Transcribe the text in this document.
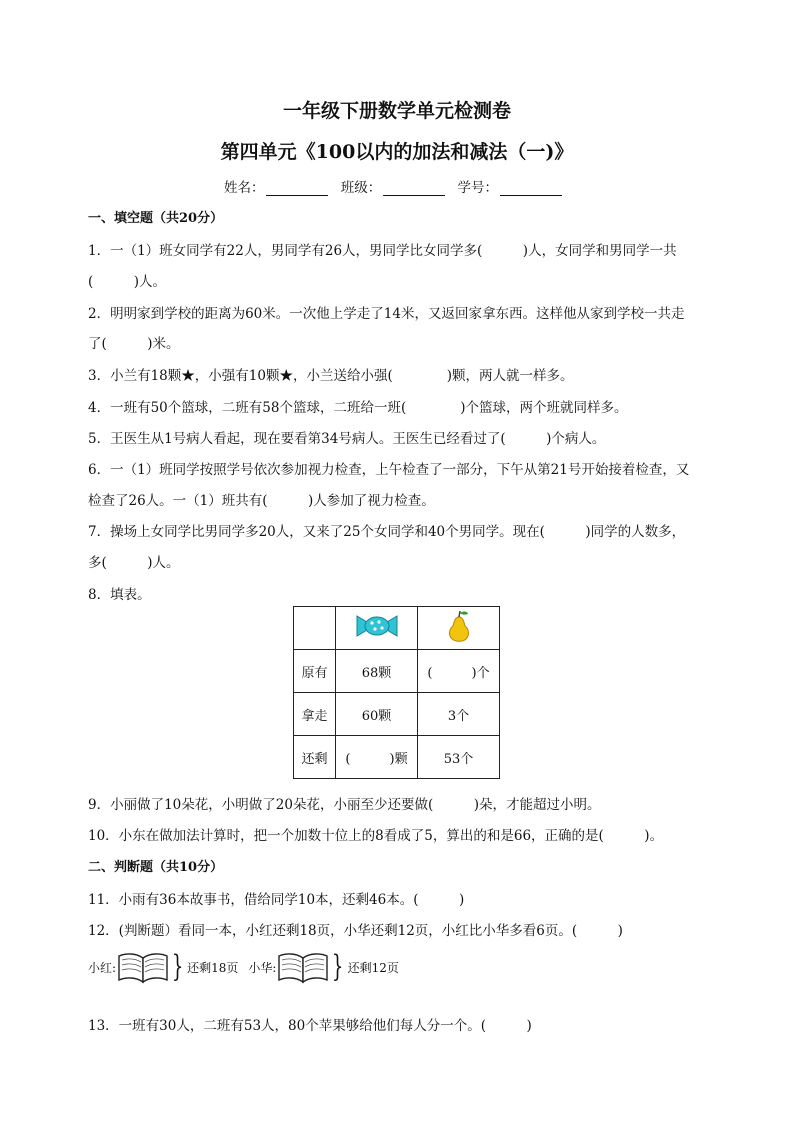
一年级下册数学单元检测卷
第四单元《100以内的加法和减法（一)》
姓名：	班级：	学号：
一、填空题（共20分）
1．一（1）班女同学有22人，男同学有26人，男同学比女同学多(　　　)人，女同学和男同学一共
(　　　)人。
2．明明家到学校的距离为60米。一次他上学走了14米，又返回家拿东西。这样他从家到学校一共走
了(　　　)米。
3．小兰有18颗★，小强有10颗★，小兰送给小强(　　　　)颗，两人就一样多。
4．一班有50个篮球，二班有58个篮球，二班给一班(　　　　)个篮球，两个班就同样多。
5．王医生从1号病人看起，现在要看第34号病人。王医生已经看过了(　　　)个病人。
6．一（1）班同学按照学号依次参加视力检查，上午检查了一部分，下午从第21号开始接着检查，又
检查了26人。一（1）班共有(　　　)人参加了视力检查。
7．操场上女同学比男同学多20人，又来了25个女同学和40个男同学。现在(　　　)同学的人数多，
多(　　　)人。
8．填表。

原有	68颗	(　　　)个
拿走	60颗	3个
还剩	(　　　)颗	53个
9．小丽做了10朵花，小明做了20朵花，小丽至少还要做(　　　)朵，才能超过小明。
10．小东在做加法计算时，把一个加数十位上的8看成了5，算出的和是66，正确的是(　　　)。
二、判断题（共10分）
11．小雨有36本故事书，借给同学10本，还剩46本。(　　　)
12．(判断题）看同一本，小红还剩18页，小华还剩12页，小红比小华多看6页。(　　　)
小红: } 还剩18页 小华: } 还剩12页
13．一班有30人，二班有53人，80个苹果够给他们每人分一个。(　　　)
